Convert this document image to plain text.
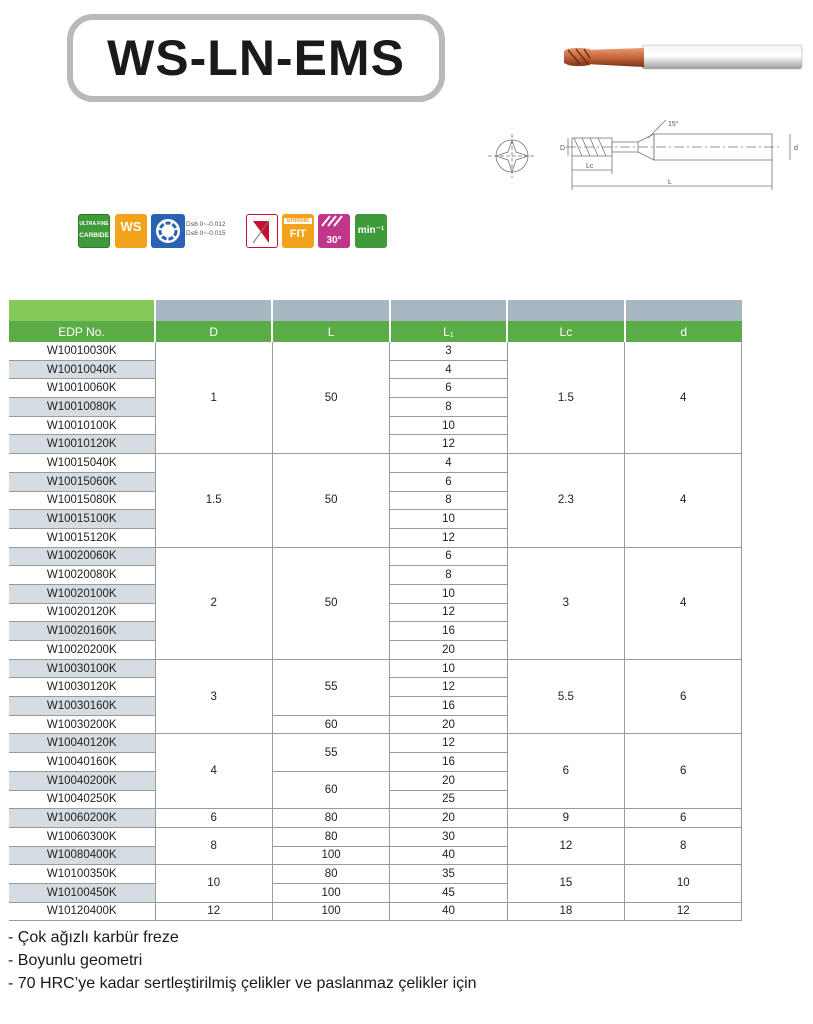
WS-LN-EMS
15°
D	d
Lc
L
ULTRA FINE
CARBIDE
WS	SHRINK
FIT
30°
min⁻¹
D≤6 0~-0.012
D≤6 0~-0.015

EDP No.	D	L	L₁	Lc	d
W10010030K	1	50	3	1.5	4
W10010040K			4		
W10010060K			6		
W10010080K			8		
W10010100K			10		
W10010120K			12		
W10015040K	1.5	50	4	2.3	4
W10015060K			6		
W10015080K			8		
W10015100K			10		
W10015120K			12		
W10020060K	2	50	6	3	4
W10020080K			8		
W10020100K			10		
W10020120K			12		
W10020160K			16		
W10020200K			20		
W10030100K	3	55	10	5.5	6
W10030120K			12		
W10030160K			16		
W10030200K		60	20		
W10040120K	4	55	12	6	6
W10040160K			16		
W10040200K		60	20		
W10040250K			25		
W10060200K	6	80	20	9	6
W10060300K	8	80	30	12	8
W10080400K		100	40		
W10100350K	10	80	35	15	10
W10100450K		100	45		
W10120400K	12	100	40	18	12
- Çok ağızlı karbür freze
- Boyunlu geometri
- 70 HRC’ye kadar sertleştirilmiş çelikler ve paslanmaz çelikler için
